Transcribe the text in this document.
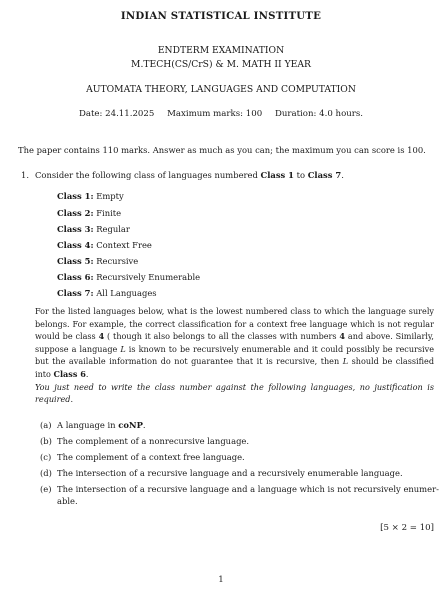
INDIAN STATISTICAL INSTITUTE
ENDTERM EXAMINATION
M.TECH(CS/CrS) & M. MATH II YEAR
AUTOMATA THEORY, LANGUAGES AND COMPUTATION
Date: 24.11.2025 Maximum marks: 100 Duration: 4.0 hours.
The paper contains 110 marks. Answer as much as you can; the maximum you can score is 100.
1. Consider the following class of languages numbered Class 1 to Class 7.
Class 1: Empty
Class 2: Finite
Class 3: Regular
Class 4: Context Free
Class 5: Recursive
Class 6: Recursively Enumerable
Class 7: All Languages

For the listed languages below, what is the lowest numbered class to which the language surely belongs. For example, the correct classification for a context free language which is not regular would be class 4 ( though it also belongs to all the classes with numbers 4 and above. Similarly, suppose a language L is known to be recursively enumerable and it could possibly be recursive but the available information do not guarantee that it is recursive, then L should be classified into Class 6.

You just need to write the class number against the following languages, no justification is required.

(a) A language in coNP.
(b) The complement of a nonrecursive language.
(c) The complement of a context free language.
(d) The intersection of a recursive language and a recursively enumerable language.
(e) The intersection of a recursive language and a language which is not recursively enumer-
able.
[5 × 2 = 10]
1
